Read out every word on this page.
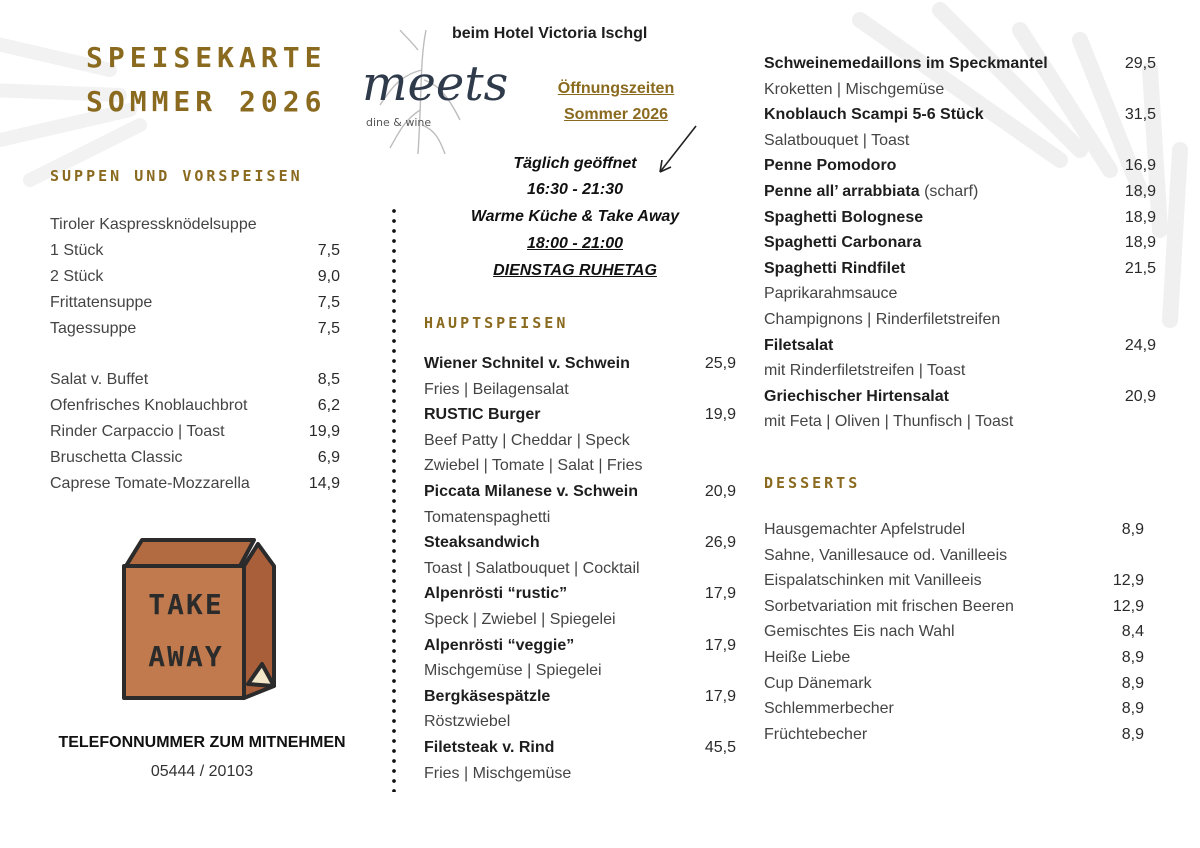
SPEISEKARTE
SOMMER 2026
beim Hotel Victoria Ischgl
meets
dine & wine
Öffnungszeiten
Sommer 2026
Täglich geöffnet
16:30 - 21:30
Warme Küche & Take Away
18:00 - 21:00
DIENSTAG RUHETAG
SUPPEN UND VORSPEISEN
Tiroler Kaspressknödelsuppe
1 Stück	7,5
2 Stück	9,0
Frittatensuppe	7,5
Tagessuppe	7,5
Salat v. Buffet	8,5
Ofenfrisches Knoblauchbrot	6,2
Rinder Carpaccio | Toast	19,9
Bruschetta Classic	6,9
Caprese Tomate-Mozzarella	14,9
TAKE
AWAY
TELEFONNUMMER ZUM MITNEHMEN
05444 / 20103
HAUPTSPEISEN
Wiener Schnitel v. Schwein	25,9
Fries | Beilagensalat
RUSTIC Burger	19,9
Beef Patty | Cheddar | Speck
Zwiebel | Tomate | Salat | Fries
Piccata Milanese v. Schwein	20,9
Tomatenspaghetti
Steaksandwich	26,9
Toast | Salatbouquet | Cocktail
Alpenrösti “rustic”	17,9
Speck | Zwiebel | Spiegelei
Alpenrösti “veggie”	17,9
Mischgemüse | Spiegelei
Bergkäsespätzle	17,9
Röstzwiebel
Filetsteak v. Rind	45,5
Fries | Mischgemüse
Schweinemedaillons im Speckmantel	29,5
Kroketten | Mischgemüse
Knoblauch Scampi 5-6 Stück	31,5
Salatbouquet | Toast
Penne Pomodoro	16,9
Penne all’ arrabbiata (scharf)	18,9
Spaghetti Bolognese	18,9
Spaghetti Carbonara	18,9
Spaghetti Rindfilet	21,5
Paprikarahmsauce
Champignons | Rinderfiletstreifen
Filetsalat	24,9
mit Rinderfiletstreifen | Toast
Griechischer Hirtensalat	20,9
mit Feta | Oliven | Thunfisch | Toast
DESSERTS
Hausgemachter Apfelstrudel	8,9
Sahne, Vanillesauce od. Vanilleeis
Eispalatschinken mit Vanilleeis	12,9
Sorbetvariation mit frischen Beeren	12,9
Gemischtes Eis nach Wahl	8,4
Heiße Liebe	8,9
Cup Dänemark	8,9
Schlemmerbecher	8,9
Früchtebecher	8,9
